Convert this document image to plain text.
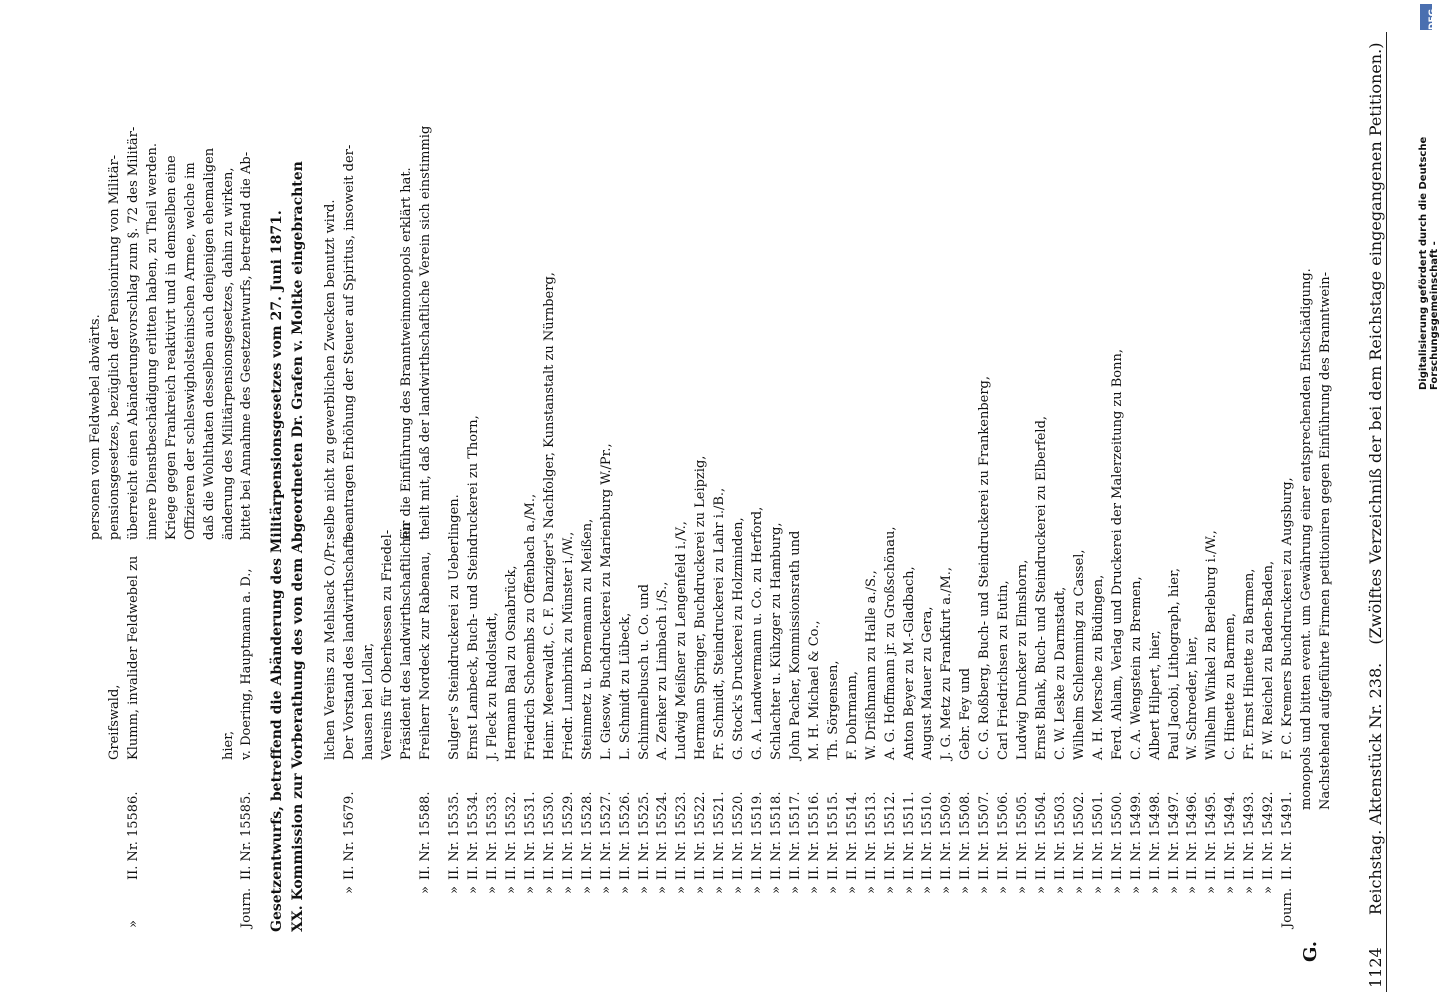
1124  Reichstag. Aktenstück Nr. 238.  (Zwölftes Verzeichniß der bei dem Reichstage eingegangenen Petitionen.)
Journ.
Nachstehend aufgeführte Firmen petitioniren gegen Einführung des Branntwein-
monopols und bitten event. um Gewährung einer entsprechenden Entschädigung.
II. Nr. 15491.
F. C. Kremers Buchdruckerei zu Augsburg,
»
II. Nr. 15492.
F. W. Reichel zu Baden-Baden,
»
II. Nr. 15493.
Fr. Ernst Hinette zu Barmen,
»
II. Nr. 15494.
C. Hinette zu Barmen,
»
II. Nr. 15495.
Wilhelm Winkel zu Berleburg i./W.,
»
II. Nr. 15496.
W. Schroeder, hier,
»
II. Nr. 15497.
Paul Jacobi, Lithograph, hier,
»
II. Nr. 15498.
Albert Hilpert, hier,
»
II. Nr. 15499.
C. A. Wengstein zu Bremen,
»
II. Nr. 15500.
Ferd. Ahlam, Verlag und Druckerei der Malerzeitung zu Bonn,
»
II. Nr. 15501.
A. H. Mersche zu Büdingen,
»
II. Nr. 15502.
Wilhelm Schlemming zu Cassel,
»
II. Nr. 15503.
C. W. Leske zu Darmstadt,
»
II. Nr. 15504.
Ernst Blank, Buch- und Steindruckerei zu Elberfeld,
»
II. Nr. 15505.
Ludwig Duncker zu Elmshorn,
»
II. Nr. 15506.
Carl Friedrichsen zu Eutin,
»
II. Nr. 15507.
C. G. Roßberg, Buch- und Steindruckerei zu Frankenberg,
»
II. Nr. 15508.
Gebr. Fey und
»
II. Nr. 15509.
J. G. Metz zu Frankfurt a./M.,
»
II. Nr. 15510.
August Mauer zu Gera,
»
II. Nr. 15511.
Anton Beyer zu M.-Gladbach,
»
II. Nr. 15512.
A. G. Hoffmann jr. zu Großschönau,
»
II. Nr. 15513.
W. Drißhmann zu Halle a./S.,
»
II. Nr. 15514.
F. Dohrmann,
»
II. Nr. 15515.
Th. Sörgensen,
»
II. Nr. 15516.
M. H. Michael & Co.,
»
II. Nr. 15517.
John Pacher, Kommissionsrath und
»
II. Nr. 15518.
Schlachter u. Kühzger zu Hamburg,
»
II. Nr. 15519.
G. A. Landwermann u. Co. zu Herford,
»
II. Nr. 15520.
G. Stock's Druckerei zu Holzminden,
»
II. Nr. 15521.
Fr. Schmidt, Steindruckerei zu Lahr i./B.,
»
II. Nr. 15522.
Hermann Springer, Buchdruckerei zu Leipzig,
»
II. Nr. 15523.
Ludwig Meißner zu Lengenfeld i./V.,
»
II. Nr. 15524.
A. Zenker zu Limbach i./S.,
»
II. Nr. 15525.
Schimmelbusch u. Co. und
»
II. Nr. 15526.
L. Schmidt zu Lübeck,
»
II. Nr. 15527.
L. Giesow, Buchdruckerei zu Marienburg W./Pr.,
»
II. Nr. 15528.
Steinmetz u. Bornemann zu Meißen,
»
II. Nr. 15529.
Friedr. Lumbrink zu Münster i./W.,
»
II. Nr. 15530.
Heinr. Meerwaldt, C. F. Danziger's Nachfolger, Kunstanstalt zu Nürnberg,
»
II. Nr. 15531.
Friedrich Schoembs zu Offenbach a./M.,
»
II. Nr. 15532.
Hermann Baal zu Osnabrück,
»
II. Nr. 15533.
J. Fleck zu Rudolstadt,
»
II. Nr. 15534.
Ernst Lambeck, Buch- und Steindruckerei zu Thorn,
»
II. Nr. 15535.
Sulger's Steindruckerei zu Ueberlingen.
»
II. Nr. 15588.
Freiherr Nordeck zur Rabenau,
Präsident des landwirthschaftlichen
Vereins für Oberhessen zu Friedel-
hausen bei Lollar,
theilt mit, daß der landwirthschaftliche Verein sich einstimmig
für die Einführung des Branntweinmonopols erklärt hat.
»
II. Nr. 15679.
Der Vorstand des landwirthschaft-
lichen Vereins zu Mehlsack O./Pr.
beantragen Erhöhung der Steuer auf Spiritus, insoweit der-
selbe nicht zu gewerblichen Zwecken benutzt wird.
G.
XX. Kommission zur Vorberathung des von dem Abgeordneten Dr. Grafen v. Moltke eingebrachten
Gesetzentwurfs, betreffend die Abänderung des Militärpensionsgesetzes vom 27. Juni 1871.
Journ.
II. Nr. 15585.
v. Doering, Hauptmann a. D.,
hier,
bittet bei Annahme des Gesetzentwurfs, betreffend die Ab-
änderung des Militärpensionsgesetzes, dahin zu wirken,
daß die Wohlthaten desselben auch denjenigen ehemaligen
Offizieren der schleswigholsteinischen Armee, welche im
Kriege gegen Frankreich reaktivirt und in demselben eine
innere Dienstbeschädigung erlitten haben, zu Theil werden.
»
II. Nr. 15586.
Klumm, invalider Feldwebel zu
Greifswald,
überreicht einen Abänderungsvorschlag zum §. 72 des Militär-
pensionsgesetzes, bezüglich der Pensionirung von Militär-
personen vom Feldwebel abwärts.
Digitalisierung gefördert durch die Deutsche Forschungsgemeinschaft -
DFG
